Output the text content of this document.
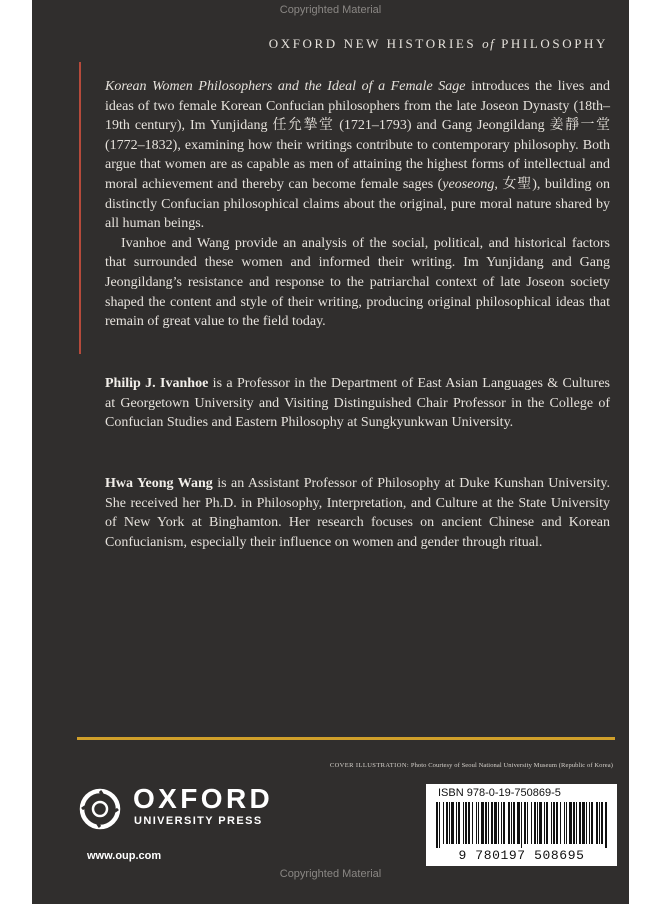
Copyrighted Material
OXFORD NEW HISTORIES of PHILOSOPHY

Korean Women Philosophers and the Ideal of a Female Sage introduces the lives and ideas of two female Korean Confucian philosophers from the late Joseon Dynasty (18th–19th century), Im Yunjidang 任允摯堂 (1721–1793) and Gang Jeongildang 姜靜一堂 (1772–1832), examining how their writings contribute to contemporary philosophy. Both argue that women are as capable as men of attaining the highest forms of intellectual and moral achievement and thereby can become female sages (yeoseong, 女聖), building on distinctly Confucian philosophical claims about the original, pure moral nature shared by all human beings.

Ivanhoe and Wang provide an analysis of the social, political, and historical factors that surrounded these women and informed their writing. Im Yunjidang and Gang Jeongildang’s resistance and response to the patriarchal context of late Joseon society shaped the content and style of their writing, producing original philosophical ideas that remain of great value to the field today.

Philip J. Ivanhoe is a Professor in the Department of East Asian Languages & Cultures at Georgetown University and Visiting Distinguished Chair Professor in the College of Confucian Studies and Eastern Philosophy at Sungkyunkwan University.

Hwa Yeong Wang is an Assistant Professor of Philosophy at Duke Kunshan University. She received her Ph.D. in Philosophy, Interpretation, and Culture at the State University of New York at Binghamton. Her research focuses on ancient Chinese and Korean Confucianism, especially their influence on women and gender through ritual.

COVER ILLUSTRATION: Photo Courtesy of Seoul National University Museum (Republic of Korea)
OXFORD
UNIVERSITY PRESS
www.oup.com
ISBN 978-0-19-750869-5
9 780197 508695
Copyrighted Material
